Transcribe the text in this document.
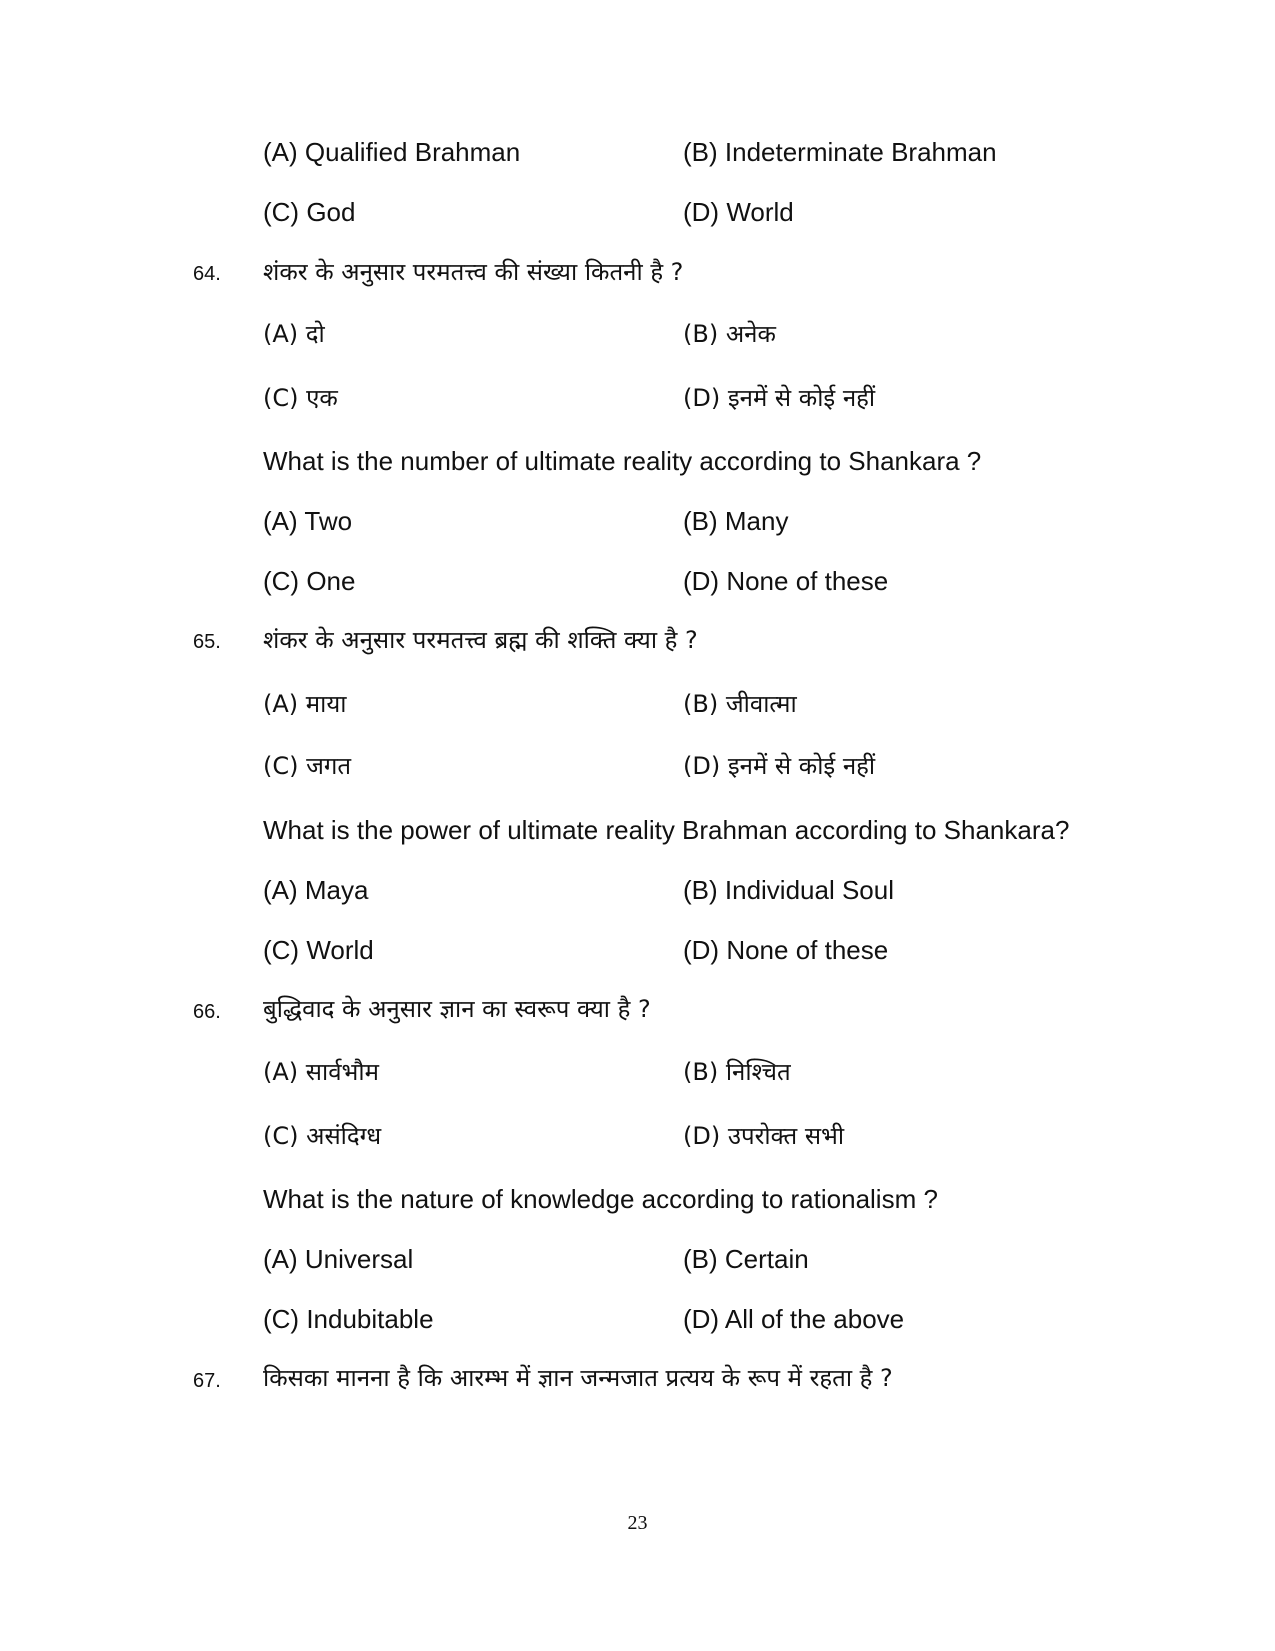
(A) Qualified Brahman	(B) Indeterminate Brahman
(C) God	(D) World
64. शंकर के अनुसार परमतत्त्व की संख्या कितनी है ?
(A) दो	(B) अनेक
(C) एक	(D) इनमें से कोई नहीं
What is the number of ultimate reality according to Shankara ?
(A) Two	(B) Many
(C) One	(D) None of these
65. शंकर के अनुसार परमतत्त्व ब्रह्म की शक्ति क्या है ?
(A) माया	(B) जीवात्मा
(C) जगत	(D) इनमें से कोई नहीं
What is the power of ultimate reality Brahman according to Shankara?
(A) Maya	(B) Individual Soul
(C) World	(D) None of these
66. बुद्धिवाद के अनुसार ज्ञान का स्वरूप क्या है ?
(A) सार्वभौम	(B) निश्चित
(C) असंदिग्ध	(D) उपरोक्त सभी
What is the nature of knowledge according to rationalism ?
(A) Universal	(B) Certain
(C) Indubitable	(D) All of the above
67. किसका मानना है कि आरम्भ में ज्ञान जन्मजात प्रत्यय के रूप में रहता है ?
23
